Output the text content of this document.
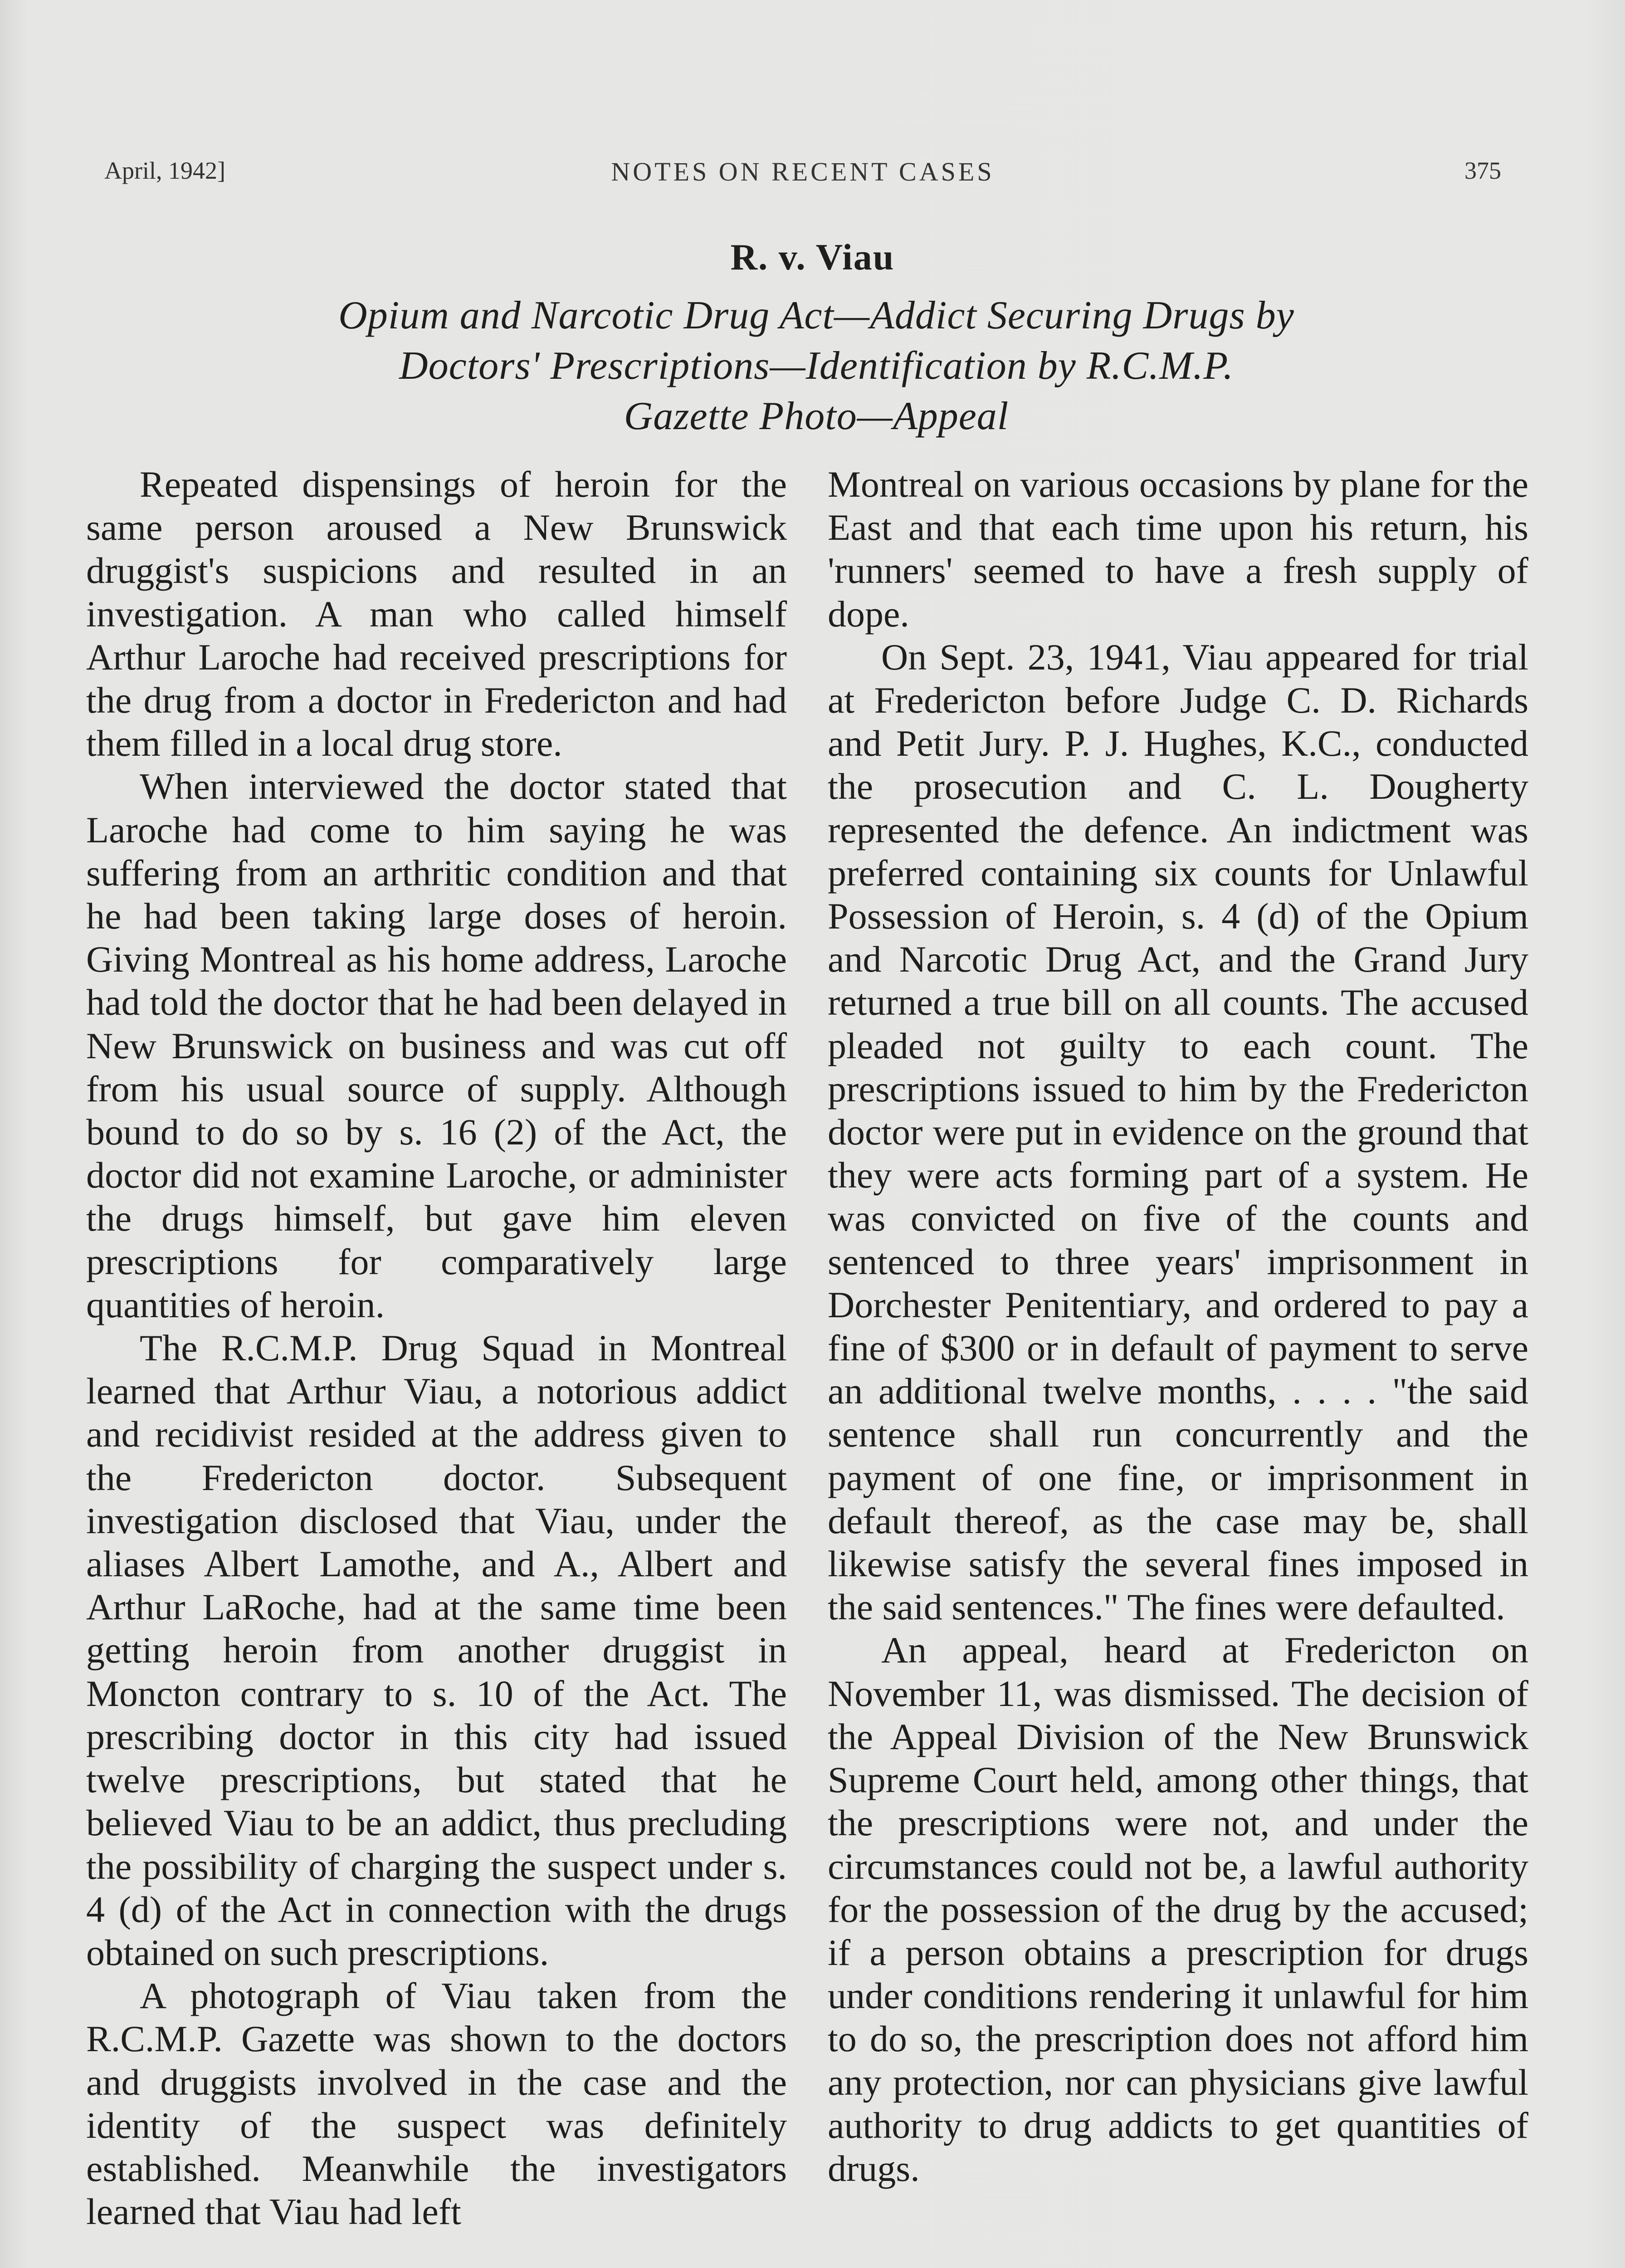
April, 1942]	NOTES ON RECENT CASES	375
R. v. Viau
Opium and Narcotic Drug Act—Addict Securing Drugs by
Doctors' Prescriptions—Identification by R.C.M.P.
Gazette Photo—Appeal

Repeated dispensings of heroin for the same person aroused a New Brunswick druggist's suspicions and resulted in an investigation. A man who called himself Arthur Laroche had received prescriptions for the drug from a doctor in Fredericton and had them filled in a local drug store.

When interviewed the doctor stated that Laroche had come to him saying he was suffering from an arthritic condition and that he had been taking large doses of heroin. Giving Montreal as his home address, Laroche had told the doctor that he had been delayed in New Brunswick on business and was cut off from his usual source of supply. Although bound to do so by s. 16 (2) of the Act, the doctor did not examine Laroche, or administer the drugs himself, but gave him eleven prescriptions for comparatively large quantities of heroin.

The R.C.M.P. Drug Squad in Montreal learned that Arthur Viau, a notorious addict and recidivist resided at the address given to the Fredericton doctor. Subsequent investigation disclosed that Viau, under the aliases Albert Lamothe, and A., Albert and Arthur LaRoche, had at the same time been getting heroin from another druggist in Moncton contrary to s. 10 of the Act. The prescribing doctor in this city had issued twelve prescriptions, but stated that he believed Viau to be an addict, thus precluding the possibility of charging the suspect under s. 4 (d) of the Act in connection with the drugs obtained on such prescriptions.

A photograph of Viau taken from the R.C.M.P. Gazette was shown to the doctors and druggists involved in the case and the identity of the suspect was definitely established. Meanwhile the investigators learned that Viau had left

Montreal on various occasions by plane for the East and that each time upon his return, his 'runners' seemed to have a fresh supply of dope.

On Sept. 23, 1941, Viau appeared for trial at Fredericton before Judge C. D. Richards and Petit Jury. P. J. Hughes, K.C., conducted the prosecution and C. L. Dougherty represented the defence. An indictment was preferred containing six counts for Unlawful Possession of Heroin, s. 4 (d) of the Opium and Narcotic Drug Act, and the Grand Jury returned a true bill on all counts. The accused pleaded not guilty to each count. The prescriptions issued to him by the Fredericton doctor were put in evidence on the ground that they were acts forming part of a system. He was convicted on five of the counts and sentenced to three years' imprisonment in Dorchester Penitentiary, and ordered to pay a fine of $300 or in default of payment to serve an additional twelve months, . . . . "the said sentence shall run concurrently and the payment of one fine, or imprisonment in default thereof, as the case may be, shall likewise satisfy the several fines imposed in the said sentences." The fines were defaulted.

An appeal, heard at Fredericton on November 11, was dismissed. The decision of the Appeal Division of the New Brunswick Supreme Court held, among other things, that the prescriptions were not, and under the circumstances could not be, a lawful authority for the possession of the drug by the accused; if a person obtains a prescription for drugs under conditions rendering it unlawful for him to do so, the prescription does not afford him any protection, nor can physicians give lawful authority to drug addicts to get quantities of drugs.
